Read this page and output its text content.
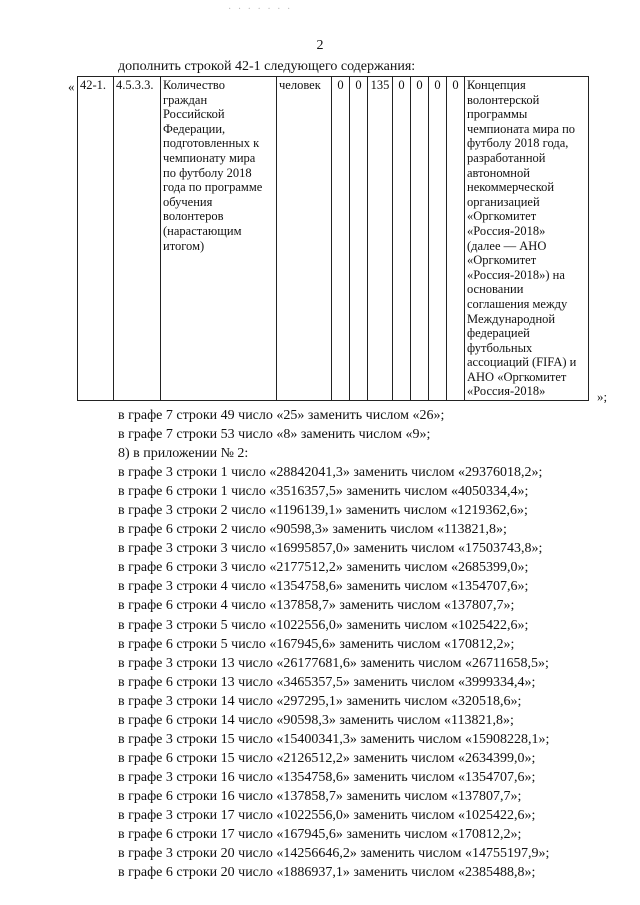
· · · · · · ·
2
дополнить строкой 42-1 следующего содержания:
« 42-1.	4.5.3.3.	Количество
граждан
Российской
Федерации,
подготовленных к
чемпионату мира
по футболу 2018
года по программе
обучения
волонтеров
(нарастающим
итогом)	человек	0	0	135	0	0	0	0	Концепция
волонтерской
программы
чемпионата мира по
футболу 2018 года,
разработанной
автономной
некоммерческой
организацией
«Оргкомитет
«Россия-2018»
(далее — АНО
«Оргкомитет
«Россия-2018») на
основании
соглашения между
Международной
федерацией
футбольных
ассоциаций (FIFA) и
АНО «Оргкомитет
«Россия-2018»	»;
в графе 7 строки 49 число «25» заменить числом «26»;
в графе 7 строки 53 число «8» заменить числом «9»;
8) в приложении № 2:
в графе 3 строки 1 число «28842041,3» заменить числом «29376018,2»;
в графе 6 строки 1 число «3516357,5» заменить числом «4050334,4»;
в графе 3 строки 2 число «1196139,1» заменить числом «1219362,6»;
в графе 6 строки 2 число «90598,3» заменить числом «113821,8»;
в графе 3 строки 3 число «16995857,0» заменить числом «17503743,8»;
в графе 6 строки 3 число «2177512,2» заменить числом «2685399,0»;
в графе 3 строки 4 число «1354758,6» заменить числом «1354707,6»;
в графе 6 строки 4 число «137858,7» заменить числом «137807,7»;
в графе 3 строки 5 число «1022556,0» заменить числом «1025422,6»;
в графе 6 строки 5 число «167945,6» заменить числом «170812,2»;
в графе 3 строки 13 число «26177681,6» заменить числом «26711658,5»;
в графе 6 строки 13 число «3465357,5» заменить числом «3999334,4»;
в графе 3 строки 14 число «297295,1» заменить числом «320518,6»;
в графе 6 строки 14 число «90598,3» заменить числом «113821,8»;
в графе 3 строки 15 число «15400341,3» заменить числом «15908228,1»;
в графе 6 строки 15 число «2126512,2» заменить числом «2634399,0»;
в графе 3 строки 16 число «1354758,6» заменить числом «1354707,6»;
в графе 6 строки 16 число «137858,7» заменить числом «137807,7»;
в графе 3 строки 17 число «1022556,0» заменить числом «1025422,6»;
в графе 6 строки 17 число «167945,6» заменить числом «170812,2»;
в графе 3 строки 20 число «14256646,2» заменить числом «14755197,9»;
в графе 6 строки 20 число «1886937,1» заменить числом «2385488,8»;
